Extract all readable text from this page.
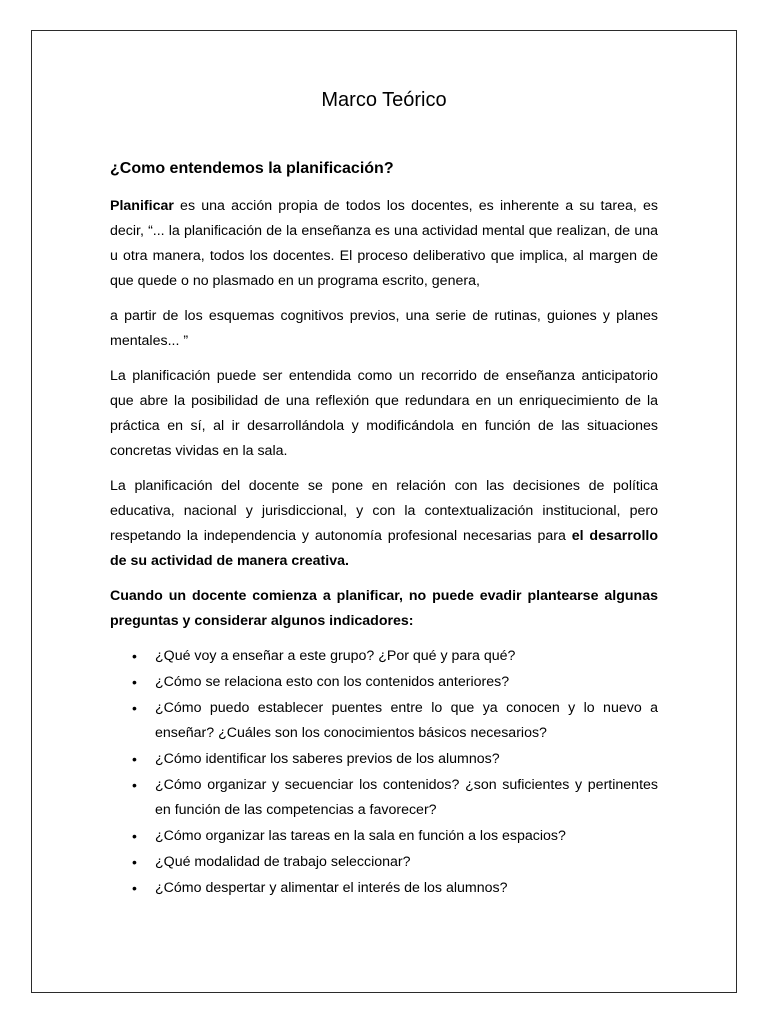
Marco Teórico
¿Como entendemos la planificación?

Planificar es una acción propia de todos los docentes, es inherente a su tarea, es decir, “... la planificación de la enseñanza es una actividad mental que realizan, de una u otra manera, todos los docentes. El proceso deliberativo que implica, al margen de que quede o no plasmado en un programa escrito, genera,

a partir de los esquemas cognitivos previos, una serie de rutinas, guiones y planes mentales... ”

La planificación puede ser entendida como un recorrido de enseñanza anticipatorio que abre la posibilidad de una reflexión que redundara en un enriquecimiento de la práctica en sí, al ir desarrollándola y modificándola en función de las situaciones concretas vividas en la sala.

La planificación del docente se pone en relación con las decisiones de política educativa, nacional y jurisdiccional, y con la contextualización institucional, pero respetando la independencia y autonomía profesional necesarias para el desarrollo de su actividad de manera creativa.

Cuando un docente comienza a planificar, no puede evadir plantearse algunas preguntas y considerar algunos indicadores:

• ¿Qué voy a enseñar a este grupo? ¿Por qué y para qué?
• ¿Cómo se relaciona esto con los contenidos anteriores?
• ¿Cómo puedo establecer puentes entre lo que ya conocen y lo nuevo a enseñar? ¿Cuáles son los conocimientos básicos necesarios?
• ¿Cómo identificar los saberes previos de los alumnos?
• ¿Cómo organizar y secuenciar los contenidos? ¿son suficientes y pertinentes en función de las competencias a favorecer?
• ¿Cómo organizar las tareas en la sala en función a los espacios?
• ¿Qué modalidad de trabajo seleccionar?
• ¿Cómo despertar y alimentar el interés de los alumnos?
